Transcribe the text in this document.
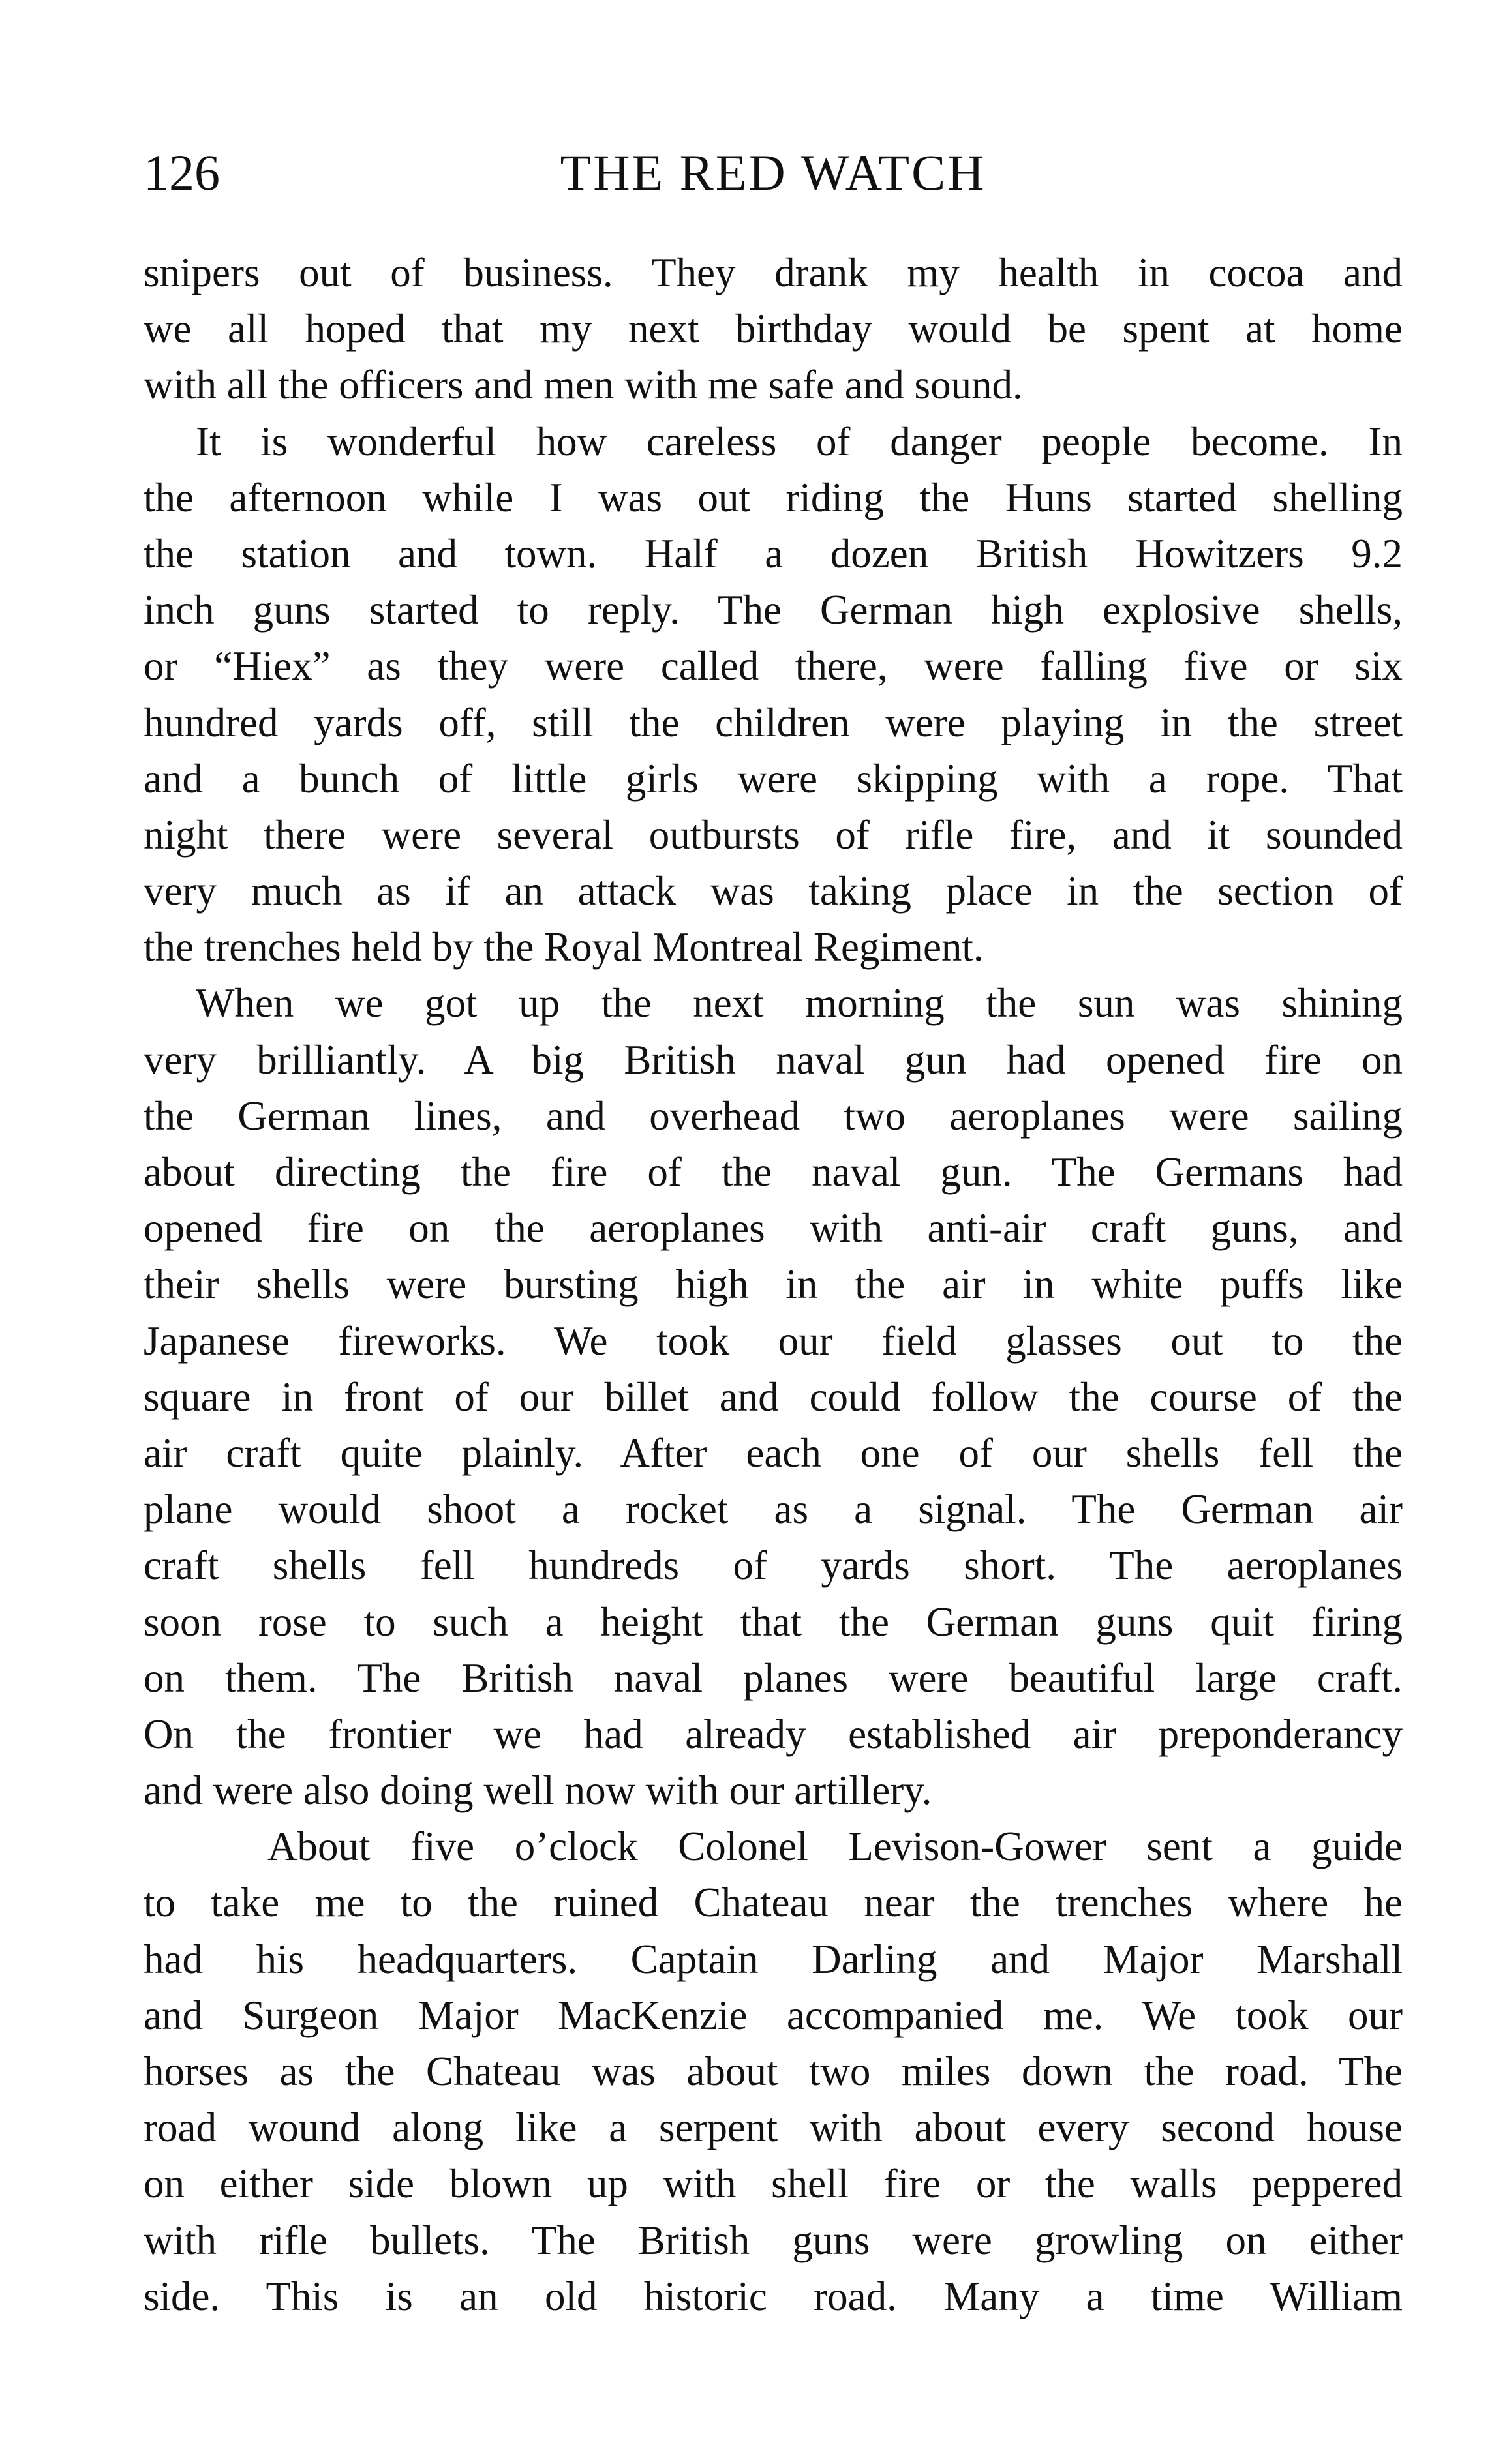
126	THE RED WATCH
snipers out of business. They drank my health in cocoa and
we all hoped that my next birthday would be spent at home
with all the officers and men with me safe and sound.
It is wonderful how careless of danger people become. In
the afternoon while I was out riding the Huns started shelling
the station and town. Half a dozen British Howitzers 9.2
inch guns started to reply. The German high explosive shells,
or “Hiex” as they were called there, were falling five or six
hundred yards off, still the children were playing in the street
and a bunch of little girls were skipping with a rope. That
night there were several outbursts of rifle fire, and it sounded
very much as if an attack was taking place in the section of
the trenches held by the Royal Montreal Regiment.
When we got up the next morning the sun was shining
very brilliantly. A big British naval gun had opened fire on
the German lines, and overhead two aeroplanes were sailing
about directing the fire of the naval gun. The Germans had
opened fire on the aeroplanes with anti-air craft guns, and
their shells were bursting high in the air in white puffs like
Japanese fireworks. We took our field glasses out to the
square in front of our billet and could follow the course of the
air craft quite plainly. After each one of our shells fell the
plane would shoot a rocket as a signal. The German air
craft shells fell hundreds of yards short. The aeroplanes
soon rose to such a height that the German guns quit firing
on them. The British naval planes were beautiful large craft.
On the frontier we had already established air preponderancy
and were also doing well now with our artillery.
About five o’clock Colonel Levison-Gower sent a guide
to take me to the ruined Chateau near the trenches where he
had his headquarters. Captain Darling and Major Marshall
and Surgeon Major MacKenzie accompanied me. We took our
horses as the Chateau was about two miles down the road. The
road wound along like a serpent with about every second house
on either side blown up with shell fire or the walls peppered
with rifle bullets. The British guns were growling on either
side. This is an old historic road. Many a time William
